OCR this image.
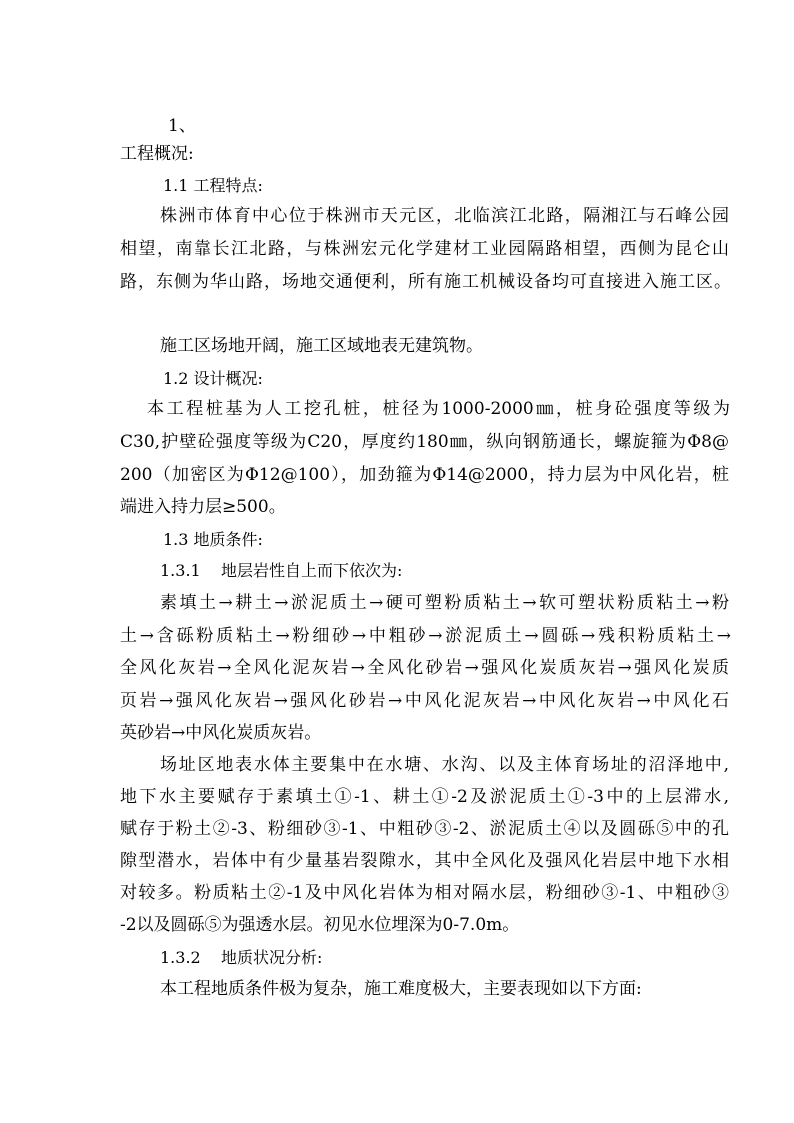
1、
工程概况:
1.1 工程特点:
株洲市体育中心位于株洲市天元区，北临滨江北路，隔湘江与石峰公园
相望，南靠长江北路，与株洲宏元化学建材工业园隔路相望，西侧为昆仑山
路，东侧为华山路，场地交通便利，所有施工机械设备均可直接进入施工区。
施工区场地开阔，施工区域地表无建筑物。
1.2 设计概况:
本工程桩基为人工挖孔桩，桩径为1000-2000㎜，桩身砼强度等级为
C30,护壁砼强度等级为C20，厚度约180㎜，纵向钢筋通长，螺旋箍为Φ8@
200（加密区为Φ12@100），加劲箍为Φ14@2000，持力层为中风化岩，桩
端进入持力层≥500。
1.3 地质条件:
1.3.1    地层岩性自上而下依次为:
素填土→耕土→淤泥质土→硬可塑粉质粘土→软可塑状粉质粘土→粉
土→含砾粉质粘土→粉细砂→中粗砂→淤泥质土→圆砾→残积粉质粘土→
全风化灰岩→全风化泥灰岩→全风化砂岩→强风化炭质灰岩→强风化炭质
页岩→强风化灰岩→强风化砂岩→中风化泥灰岩→中风化灰岩→中风化石
英砂岩→中风化炭质灰岩。
场址区地表水体主要集中在水塘、水沟、以及主体育场址的沼泽地中,
地下水主要赋存于素填土①-1、耕土①-2及淤泥质土①-3中的上层滞水,
赋存于粉土②-3、粉细砂③-1、中粗砂③-2、淤泥质土④以及圆砾⑤中的孔
隙型潜水，岩体中有少量基岩裂隙水，其中全风化及强风化岩层中地下水相
对较多。粉质粘土②-1及中风化岩体为相对隔水层，粉细砂③-1、中粗砂③
-2以及圆砾⑤为强透水层。初见水位埋深为0-7.0m。
1.3.2    地质状况分析:
本工程地质条件极为复杂，施工难度极大，主要表现如以下方面:
